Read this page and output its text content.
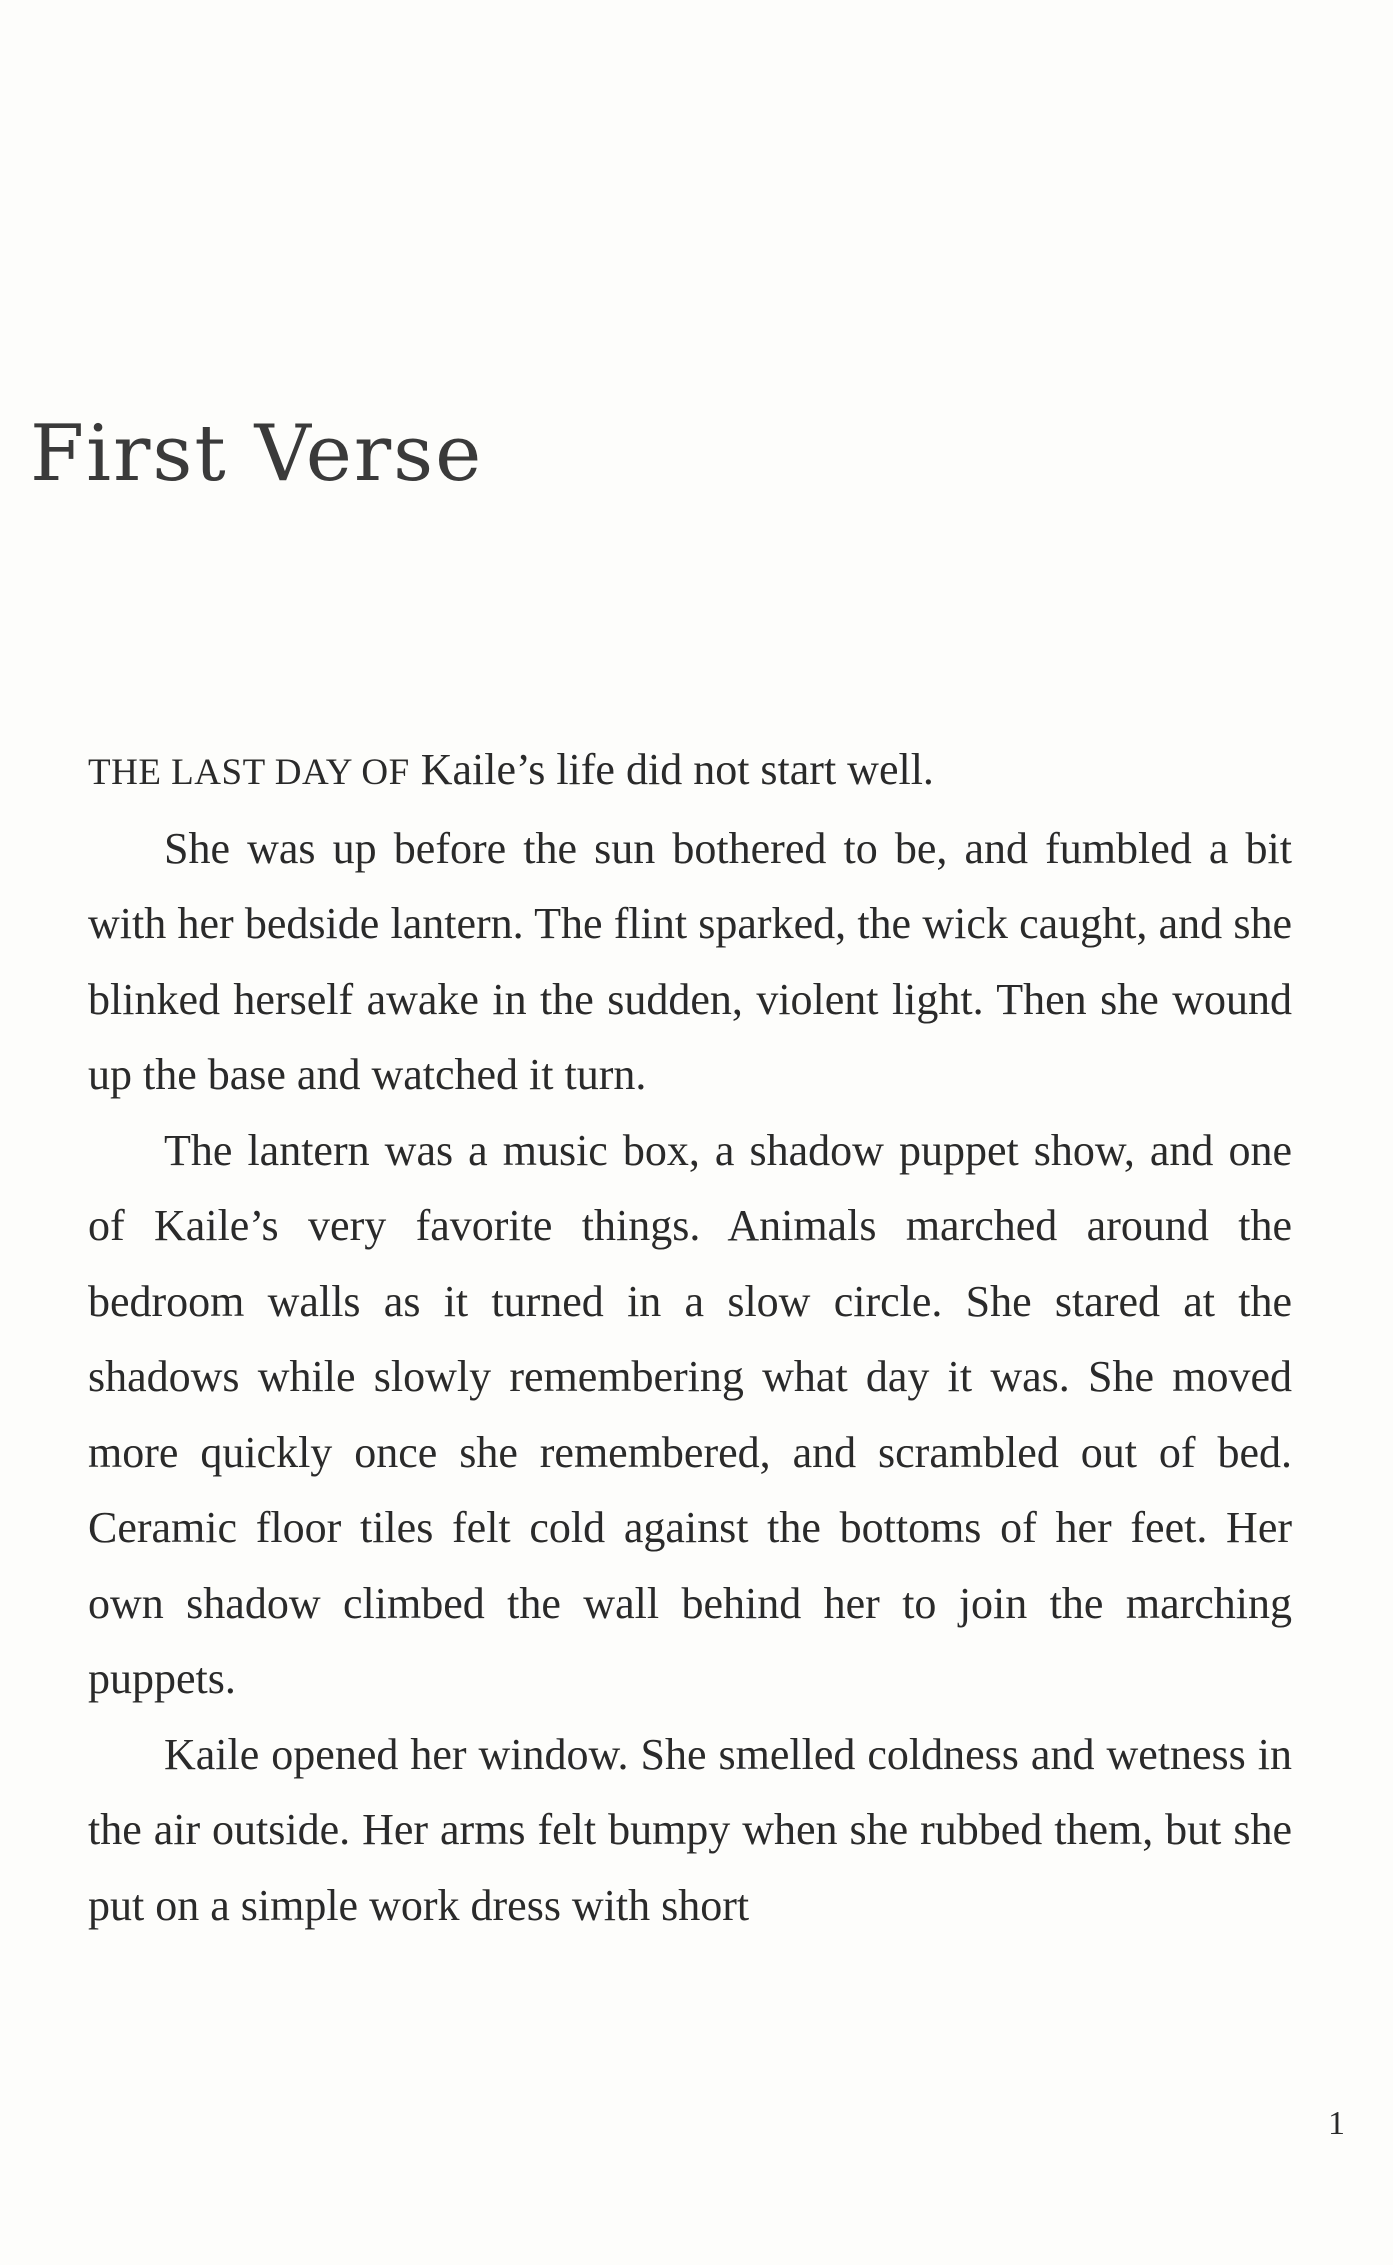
First Verse

THE LAST DAY OF Kaile’s life did not start well.

She was up before the sun bothered to be, and fumbled a bit with her bedside lantern. The flint sparked, the wick caught, and she blinked herself awake in the sudden, violent light. Then she wound up the base and watched it turn.

The lantern was a music box, a shadow puppet show, and one of Kaile’s very favorite things. Animals marched around the bedroom walls as it turned in a slow circle. She stared at the shadows while slowly remembering what day it was. She moved more quickly once she remembered, and scrambled out of bed. Ceramic floor tiles felt cold against the bottoms of her feet. Her own shadow climbed the wall behind her to join the marching puppets.

Kaile opened her window. She smelled coldness and wetness in the air outside. Her arms felt bumpy when she rubbed them, but she put on a simple work dress with short

1
